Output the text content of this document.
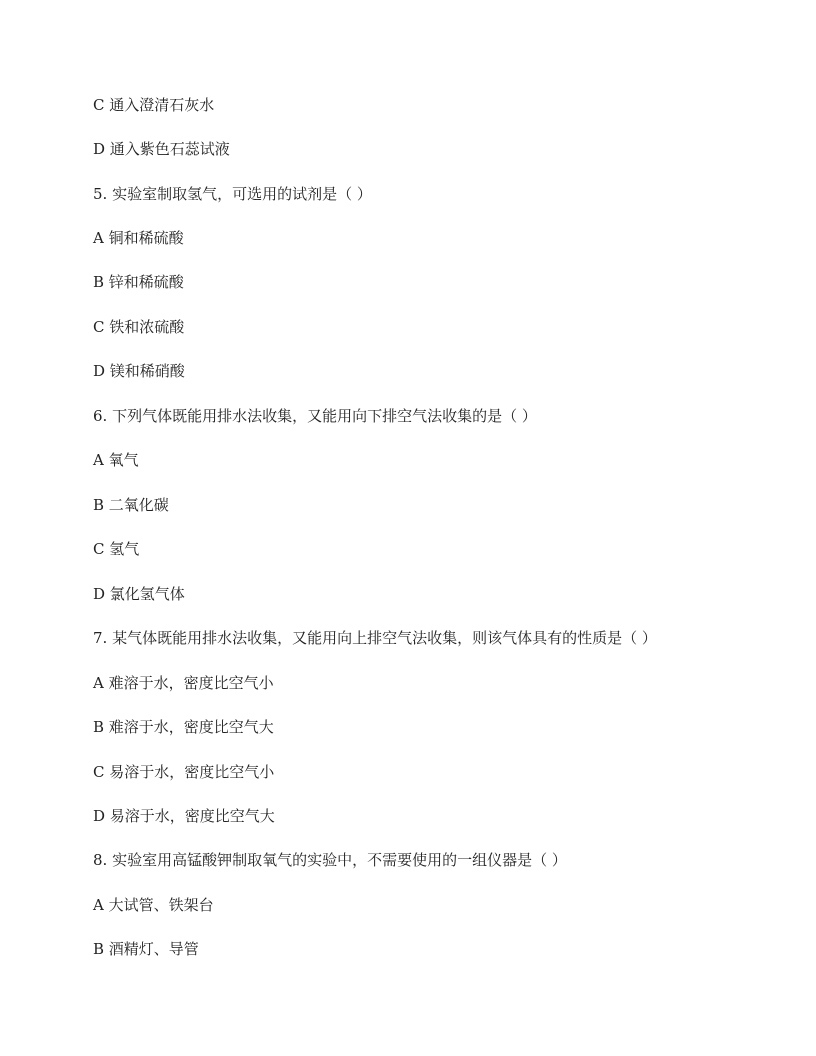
C 通入澄清石灰水
D 通入紫色石蕊试液
5. 实验室制取氢气，可选用的试剂是（ ）
A 铜和稀硫酸
B 锌和稀硫酸
C 铁和浓硫酸
D 镁和稀硝酸
6. 下列气体既能用排水法收集，又能用向下排空气法收集的是（ ）
A 氧气
B 二氧化碳
C 氢气
D 氯化氢气体
7. 某气体既能用排水法收集，又能用向上排空气法收集，则该气体具有的性质是（ ）
A 难溶于水，密度比空气小
B 难溶于水，密度比空气大
C 易溶于水，密度比空气小
D 易溶于水，密度比空气大
8. 实验室用高锰酸钾制取氧气的实验中，不需要使用的一组仪器是（ ）
A 大试管、铁架台
B 酒精灯、导管
